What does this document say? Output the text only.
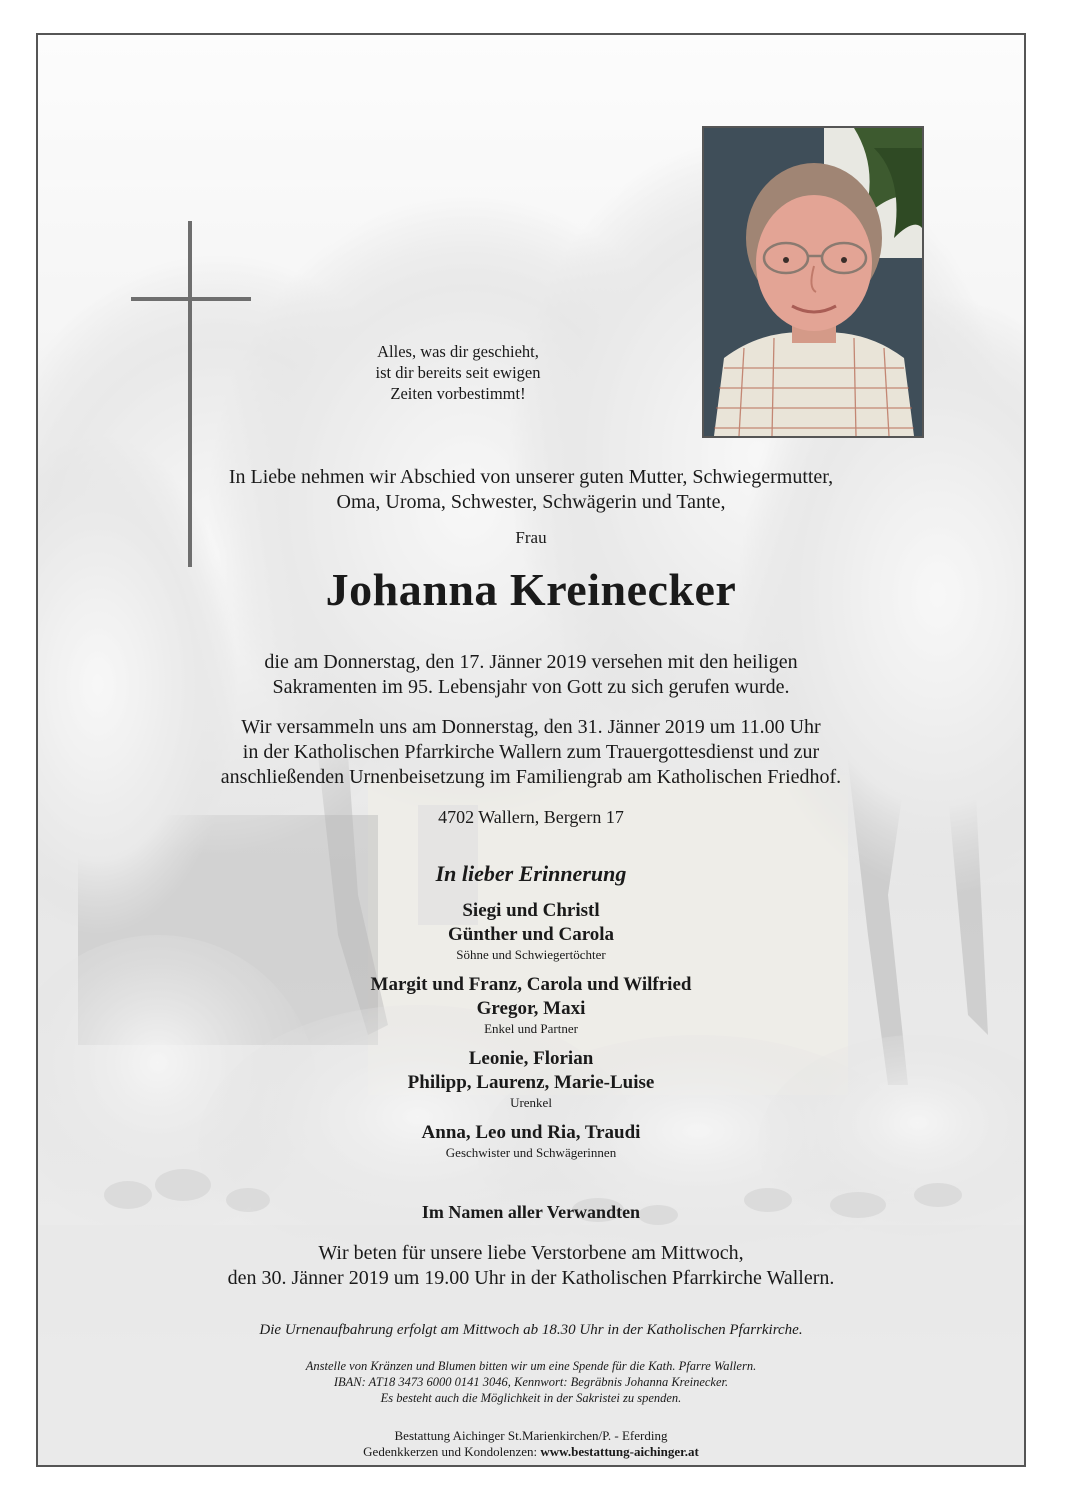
Alles, was dir geschieht,
ist dir bereits seit ewigen
Zeiten vorbestimmt!
In Liebe nehmen wir Abschied von unserer guten Mutter, Schwiegermutter,
Oma, Uroma, Schwester, Schwägerin und Tante,
Frau
Johanna Kreinecker
die am Donnerstag, den 17. Jänner 2019 versehen mit den heiligen
Sakramenten im 95. Lebensjahr von Gott zu sich gerufen wurde.
Wir versammeln uns am Donnerstag, den 31. Jänner 2019 um 11.00 Uhr
in der Katholischen Pfarrkirche Wallern zum Trauergottesdienst und zur
anschließenden Urnenbeisetzung im Familiengrab am Katholischen Friedhof.
4702 Wallern, Bergern 17
In lieber Erinnerung
Siegi und Christl
Günther und Carola
Söhne und Schwiegertöchter
Margit und Franz, Carola und Wilfried
Gregor, Maxi
Enkel und Partner
Leonie, Florian
Philipp, Laurenz, Marie-Luise
Urenkel
Anna, Leo und Ria, Traudi
Geschwister und Schwägerinnen
Im Namen aller Verwandten
Wir beten für unsere liebe Verstorbene am Mittwoch,
den 30. Jänner 2019 um 19.00 Uhr in der Katholischen Pfarrkirche Wallern.
Die Urnenaufbahrung erfolgt am Mittwoch ab 18.30 Uhr in der Katholischen Pfarrkirche.
Anstelle von Kränzen und Blumen bitten wir um eine Spende für die Kath. Pfarre Wallern.
IBAN: AT18 3473 6000 0141 3046, Kennwort: Begräbnis Johanna Kreinecker.
Es besteht auch die Möglichkeit in der Sakristei zu spenden.
Bestattung Aichinger St.Marienkirchen/P. - Eferding
Gedenkkerzen und Kondolenzen: www.bestattung-aichinger.at
